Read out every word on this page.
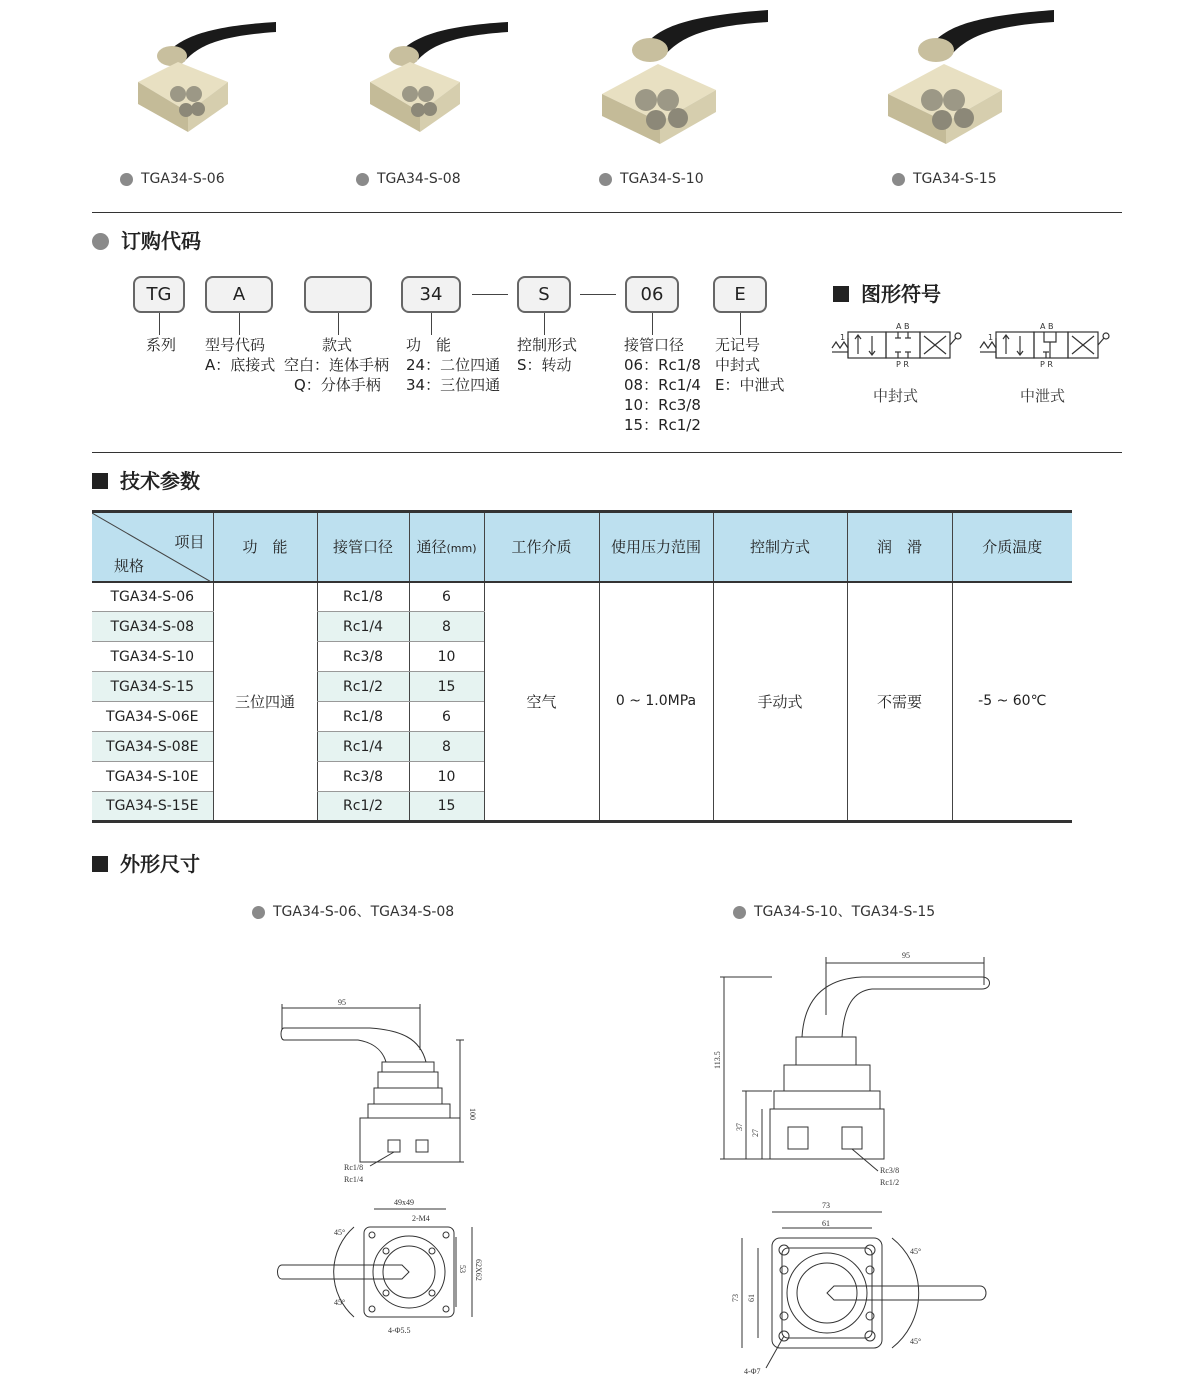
TGA34-S-06	TGA34-S-08	TGA34-S-10	TGA34-S-15
订购代码
TG	A	34	S	06	E
系列 型号代码
A：底接式
款式
空白：连体手柄
Q：分体手柄
功　能
24：二位四通
34：三位四通
控制形式
S：转动
接管口径
06：Rc1/8
08：Rc1/4
10：Rc3/8
15：Rc1/2
无记号
中封式
E：中泄式
图形符号
1
A B
P R
中封式
1
A B
P R
中泄式
技术参数
项目
规格	功　能	接管口径	通径(mm)	工作介质	使用压力范围	控制方式	润　滑	介质温度
TGA34-S-06	三位四通	Rc1/8	6	空气	0 ~ 1.0MPa	手动式	不需要	-5 ~ 60℃
TGA34-S-08		Rc1/4	8					
TGA34-S-10		Rc3/8	10					
TGA34-S-15		Rc1/2	15					
TGA34-S-06E		Rc1/8	6					
TGA34-S-08E		Rc1/4	8					
TGA34-S-10E		Rc3/8	10					
TGA34-S-15E		Rc1/2	15					
外形尺寸
TGA34-S-06、TGA34-S-08	TGA34-S-10、TGA34-S-15
95
100
Rc1/8
Rc1/4
49x49
2-M4
53 62X62
45°
45°
4-Φ5.5
95
113.5
37
27
Rc3/8
Rc1/2
73
61
73 61
45°
45°
4-Φ7
